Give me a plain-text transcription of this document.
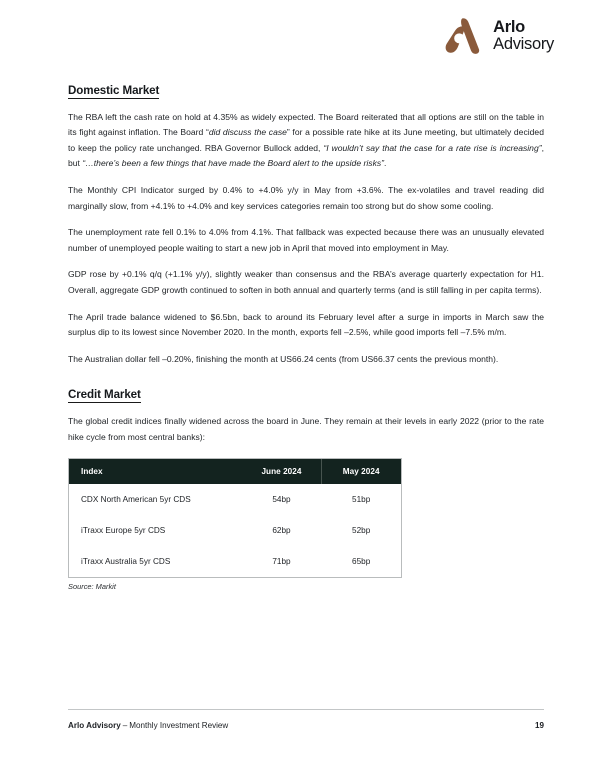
Arlo
Advisory
Domestic Market

The RBA left the cash rate on hold at 4.35% as widely expected. The Board reiterated that all options are still on the table in its fight against inflation. The Board “did discuss the case” for a possible rate hike at its June meeting, but ultimately decided to keep the policy rate unchanged. RBA Governor Bullock added, “I wouldn’t say that the case for a rate rise is increasing”, but “…there’s been a few things that have made the Board alert to the upside risks”.

The Monthly CPI Indicator surged by 0.4% to +4.0% y/y in May from +3.6%. The ex-volatiles and travel reading did marginally slow, from +4.1% to +4.0% and key services categories remain too strong but do show some cooling.

The unemployment rate fell 0.1% to 4.0% from 4.1%. That fallback was expected because there was an unusually elevated number of unemployed people waiting to start a new job in April that moved into employment in May.

GDP rose by +0.1% q/q (+1.1% y/y), slightly weaker than consensus and the RBA’s average quarterly expectation for H1. Overall, aggregate GDP growth continued to soften in both annual and quarterly terms (and is still falling in per capita terms).

The April trade balance widened to $6.5bn, back to around its February level after a surge in imports in March saw the surplus dip to its lowest since November 2020. In the month, exports fell –2.5%, while good imports fell –7.5% m/m.

The Australian dollar fell –0.20%, finishing the month at US66.24 cents (from US66.37 cents the previous month).

Credit Market

The global credit indices finally widened across the board in June. They remain at their levels in early 2022 (prior to the rate hike cycle from most central banks):

Index	June 2024	May 2024
CDX North American 5yr CDS	54bp	51bp
iTraxx Europe 5yr CDS	62bp	52bp
iTraxx Australia 5yr CDS	71bp	65bp
Source: Markit
Arlo Advisory – Monthly Investment Review	19
